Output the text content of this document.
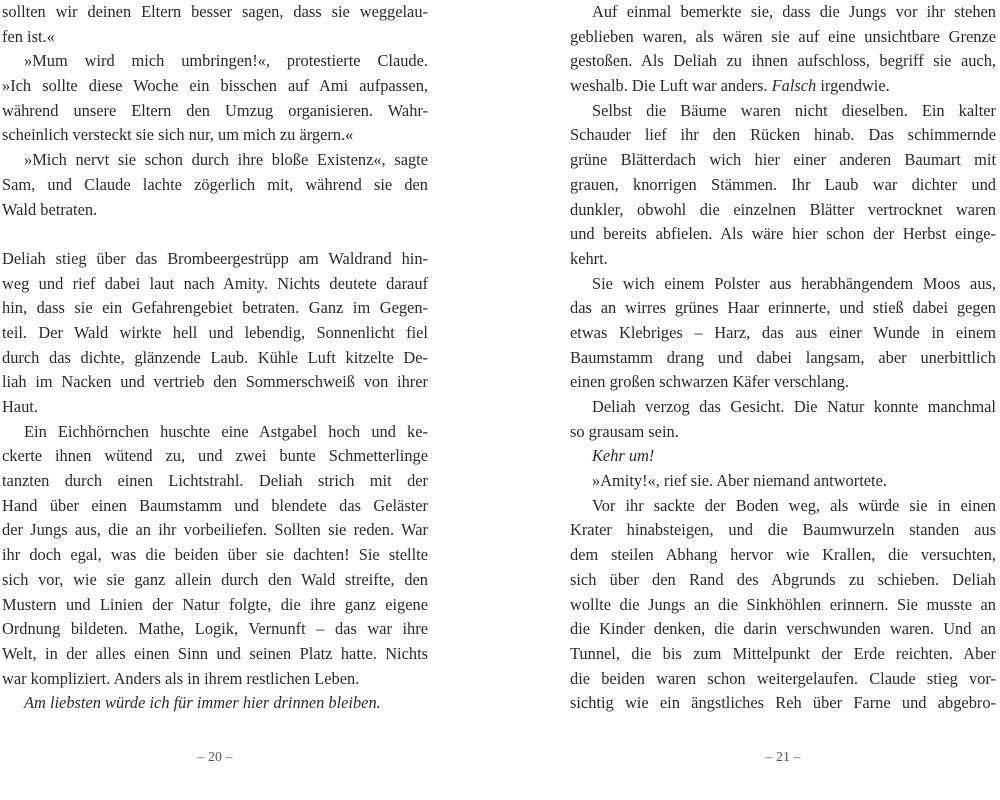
sollten wir deinen Eltern besser sagen, dass sie weggelau-
fen ist.«
»Mum wird mich umbringen!«, protestierte Claude.
»Ich sollte diese Woche ein bisschen auf Ami aufpassen,
während unsere Eltern den Umzug organisieren. Wahr-
scheinlich versteckt sie sich nur, um mich zu ärgern.«
»Mich nervt sie schon durch ihre bloße Existenz«, sagte
Sam, und Claude lachte zögerlich mit, während sie den
Wald betraten.
Deliah stieg über das Brombeergestrüpp am Waldrand hin-
weg und rief dabei laut nach Amity. Nichts deutete darauf
hin, dass sie ein Gefahrengebiet betraten. Ganz im Gegen-
teil. Der Wald wirkte hell und lebendig, Sonnenlicht fiel
durch das dichte, glänzende Laub. Kühle Luft kitzelte De-
liah im Nacken und vertrieb den Sommerschweiß von ihrer
Haut.
Ein Eichhörnchen huschte eine Astgabel hoch und ke-
ckerte ihnen wütend zu, und zwei bunte Schmetterlinge
tanzten durch einen Lichtstrahl. Deliah strich mit der
Hand über einen Baumstamm und blendete das Geläster
der Jungs aus, die an ihr vorbeiliefen. Sollten sie reden. War
ihr doch egal, was die beiden über sie dachten! Sie stellte
sich vor, wie sie ganz allein durch den Wald streifte, den
Mustern und Linien der Natur folgte, die ihre ganz eigene
Ordnung bildeten. Mathe, Logik, Vernunft – das war ihre
Welt, in der alles einen Sinn und seinen Platz hatte. Nichts
war kompliziert. Anders als in ihrem restlichen Leben.
Am liebsten würde ich für immer hier drinnen bleiben.
Auf einmal bemerkte sie, dass die Jungs vor ihr stehen
geblieben waren, als wären sie auf eine unsichtbare Grenze
gestoßen. Als Deliah zu ihnen aufschloss, begriff sie auch,
weshalb. Die Luft war anders. Falsch irgendwie.
Selbst die Bäume waren nicht dieselben. Ein kalter
Schauder lief ihr den Rücken hinab. Das schimmernde
grüne Blätterdach wich hier einer anderen Baumart mit
grauen, knorrigen Stämmen. Ihr Laub war dichter und
dunkler, obwohl die einzelnen Blätter vertrocknet waren
und bereits abfielen. Als wäre hier schon der Herbst einge-
kehrt.
Sie wich einem Polster aus herabhängendem Moos aus,
das an wirres grünes Haar erinnerte, und stieß dabei gegen
etwas Klebriges – Harz, das aus einer Wunde in einem
Baumstamm drang und dabei langsam, aber unerbittlich
einen großen schwarzen Käfer verschlang.
Deliah verzog das Gesicht. Die Natur konnte manchmal
so grausam sein.
Kehr um!
»Amity!«, rief sie. Aber niemand antwortete.
Vor ihr sackte der Boden weg, als würde sie in einen
Krater hinabsteigen, und die Baumwurzeln standen aus
dem steilen Abhang hervor wie Krallen, die versuchten,
sich über den Rand des Abgrunds zu schieben. Deliah
wollte die Jungs an die Sinkhöhlen erinnern. Sie musste an
die Kinder denken, die darin verschwunden waren. Und an
Tunnel, die bis zum Mittelpunkt der Erde reichten. Aber
die beiden waren schon weitergelaufen. Claude stieg vor-
sichtig wie ein ängstliches Reh über Farne und abgebro-
– 20 –	– 21 –
